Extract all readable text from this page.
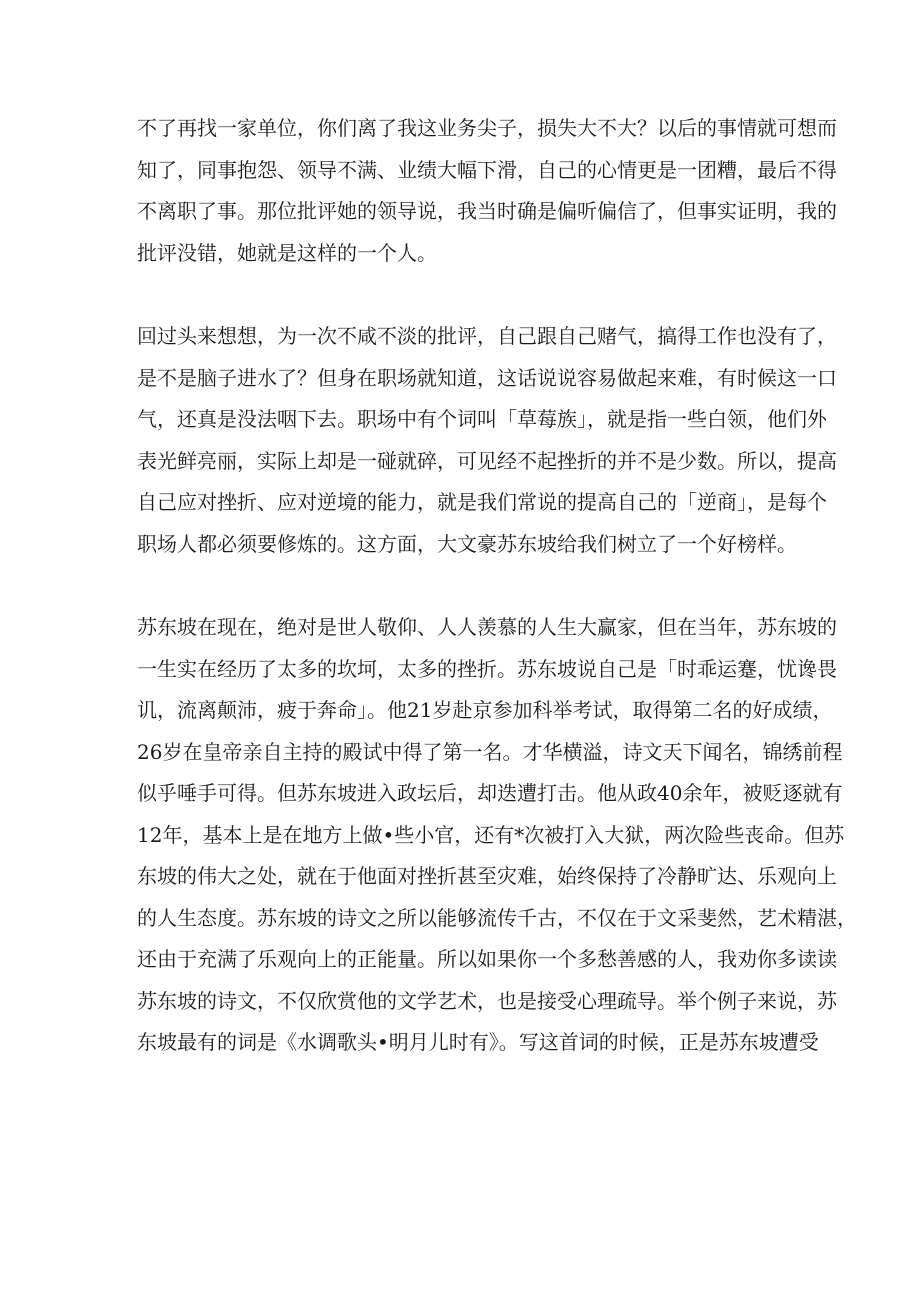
不了再找一家单位，你们离了我这业务尖子，损失大不大？以后的事情就可想而
知了，同事抱怨、领导不满、业绩大幅下滑，自己的心情更是一团糟，最后不得
不离职了事。那位批评她的领导说，我当时确是偏听偏信了，但事实证明，我的
批评没错，她就是这样的一个人。

回过头来想想，为一次不咸不淡的批评，自己跟自己赌气，搞得工作也没有了，
是不是脑子进水了？但身在职场就知道，这话说说容易做起来难，有时候这一口
气，还真是没法咽下去。职场中有个词叫「草莓族」，就是指一些白领，他们外
表光鲜亮丽，实际上却是一碰就碎，可见经不起挫折的并不是少数。所以，提高
自己应对挫折、应对逆境的能力，就是我们常说的提高自己的「逆商」，是每个
职场人都必须要修炼的。这方面，大文豪苏东坡给我们树立了一个好榜样。

苏东坡在现在，绝对是世人敬仰、人人羡慕的人生大赢家，但在当年，苏东坡的
一生实在经历了太多的坎坷，太多的挫折。苏东坡说自己是「时乖运蹇，忧谗畏
讥，流离颠沛，疲于奔命」。他21岁赴京参加科举考试，取得第二名的好成绩，
26岁在皇帝亲自主持的殿试中得了第一名。才华横溢，诗文天下闻名，锦绣前程
似乎唾手可得。但苏东坡进入政坛后，却迭遭打击。他从政40余年，被贬逐就有
12年，基本上是在地方上做•些小官，还有*次被打入大狱，两次险些丧命。但苏
东坡的伟大之处，就在于他面对挫折甚至灾难，始终保持了冷静旷达、乐观向上
的人生态度。苏东坡的诗文之所以能够流传千古，不仅在于文采斐然，艺术精湛，
还由于充满了乐观向上的正能量。所以如果你一个多愁善感的人，我劝你多读读
苏东坡的诗文，不仅欣赏他的文学艺术，也是接受心理疏导。举个例子来说，苏
东坡最有的词是《水调歌头•明月儿时有》。写这首词的时候，正是苏东坡遭受
